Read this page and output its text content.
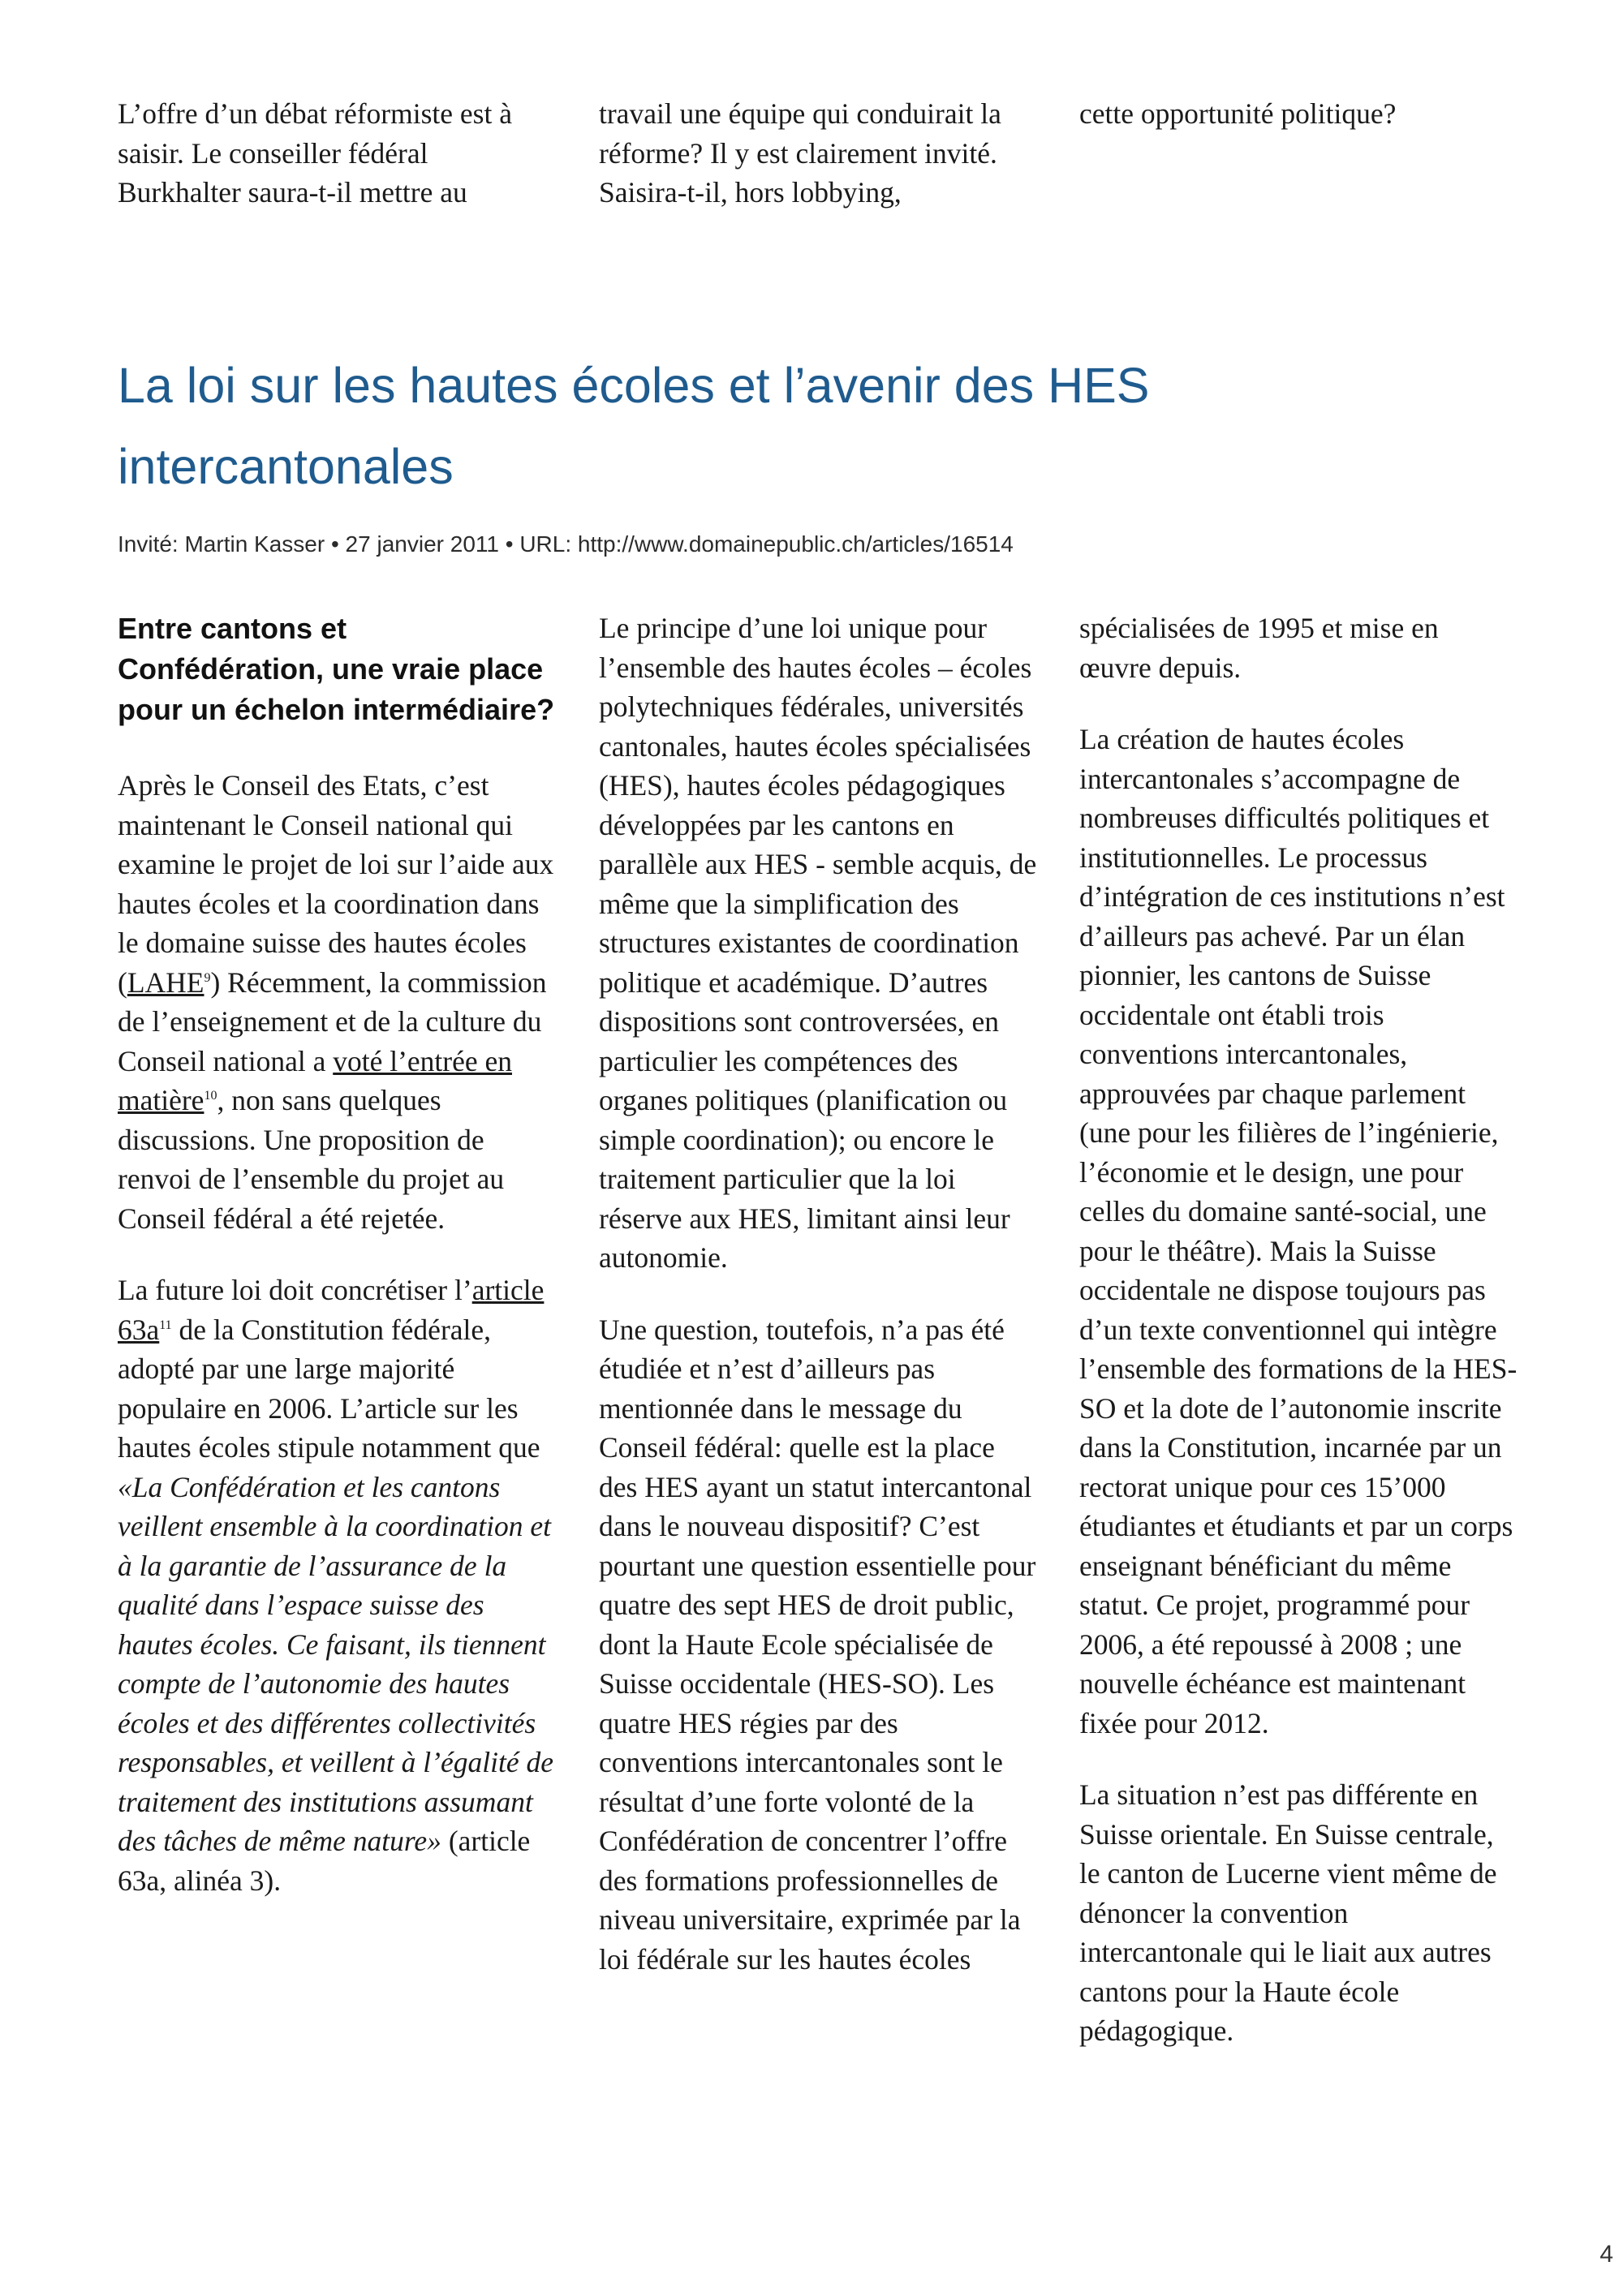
L’offre d’un débat réformiste est à saisir. Le conseiller fédéral Burkhalter saura-t-il mettre au

travail une équipe qui conduirait la réforme? Il y est clairement invité. Saisira-t-il, hors lobbying,

cette opportunité politique?

La loi sur les hautes écoles et l’avenir des HES intercantonales
Invité: Martin Kasser • 27 janvier 2011 • URL: http://www.domainepublic.ch/articles/16514
Entre cantons et Confédération, une vraie place pour un échelon intermédiaire?

Après le Conseil des Etats, c’est maintenant le Conseil national qui examine le projet de loi sur l’aide aux hautes écoles et la coordination dans le domaine suisse des hautes écoles (LAHE$^9$) Récemment, la commission de l’enseignement et de la culture du Conseil national a voté l’entrée en matière$^{10}$, non sans quelques discussions. Une proposition de renvoi de l’ensemble du projet au Conseil fédéral a été rejetée.

La future loi doit concrétiser l’article 63a$^{11}$ de la Constitution fédérale, adopté par une large majorité populaire en 2006. L’article sur les hautes écoles stipule notamment que «La Confédération et les cantons veillent ensemble à la coordination et à la garantie de l’assurance de la qualité dans l’espace suisse des hautes écoles. Ce faisant, ils tiennent compte de l’autonomie des hautes écoles et des différentes collectivités responsables, et veillent à l’égalité de traitement des institutions assumant des tâches de même nature» (article 63a, alinéa 3).

Le principe d’une loi unique pour l’ensemble des hautes écoles – écoles polytechniques fédérales, universités cantonales, hautes écoles spécialisées (HES), hautes écoles pédagogiques développées par les cantons en parallèle aux HES - semble acquis, de même que la simplification des structures existantes de coordination politique et académique. D’autres dispositions sont controversées, en particulier les compétences des organes politiques (planification ou simple coordination); ou encore le traitement particulier que la loi réserve aux HES, limitant ainsi leur autonomie.

Une question, toutefois, n’a pas été étudiée et n’est d’ailleurs pas mentionnée dans le message du Conseil fédéral: quelle est la place des HES ayant un statut intercantonal dans le nouveau dispositif? C’est pourtant une question essentielle pour quatre des sept HES de droit public, dont la Haute Ecole spécialisée de Suisse occidentale (HES-SO). Les quatre HES régies par des conventions intercantonales sont le résultat d’une forte volonté de la Confédération de concentrer l’offre des formations professionnelles de niveau universitaire, exprimée par la loi fédérale sur les hautes écoles

spécialisées de 1995 et mise en œuvre depuis.

La création de hautes écoles intercantonales s’accompagne de nombreuses difficultés politiques et institutionnelles. Le processus d’intégration de ces institutions n’est d’ailleurs pas achevé. Par un élan pionnier, les cantons de Suisse occidentale ont établi trois conventions intercantonales, approuvées par chaque parlement (une pour les filières de l’ingénierie, l’économie et le design, une pour celles du domaine santé-social, une pour le théâtre). Mais la Suisse occidentale ne dispose toujours pas d’un texte conventionnel qui intègre l’ensemble des formations de la HES-SO et la dote de l’autonomie inscrite dans la Constitution, incarnée par un rectorat unique pour ces 15’000 étudiantes et étudiants et par un corps enseignant bénéficiant du même statut. Ce projet, programmé pour 2006, a été repoussé à 2008 ; une nouvelle échéance est maintenant fixée pour 2012.

La situation n’est pas différente en Suisse orientale. En Suisse centrale, le canton de Lucerne vient même de dénoncer la convention intercantonale qui le liait aux autres cantons pour la Haute école pédagogique.

4
